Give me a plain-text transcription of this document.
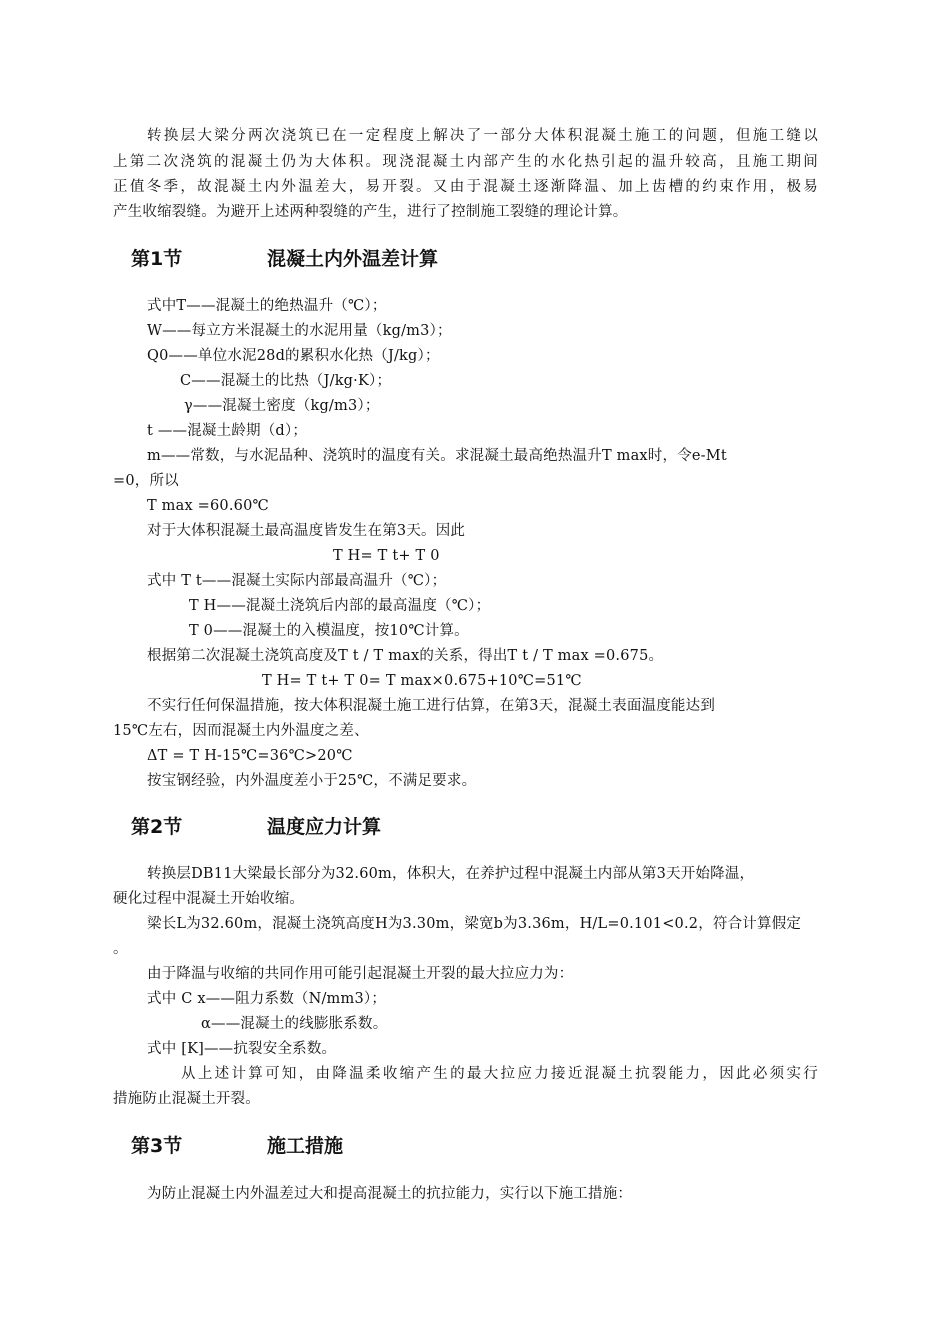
转换层大梁分两次浇筑已在一定程度上解决了一部分大体积混凝土施工的问题，但施工缝以
上第二次浇筑的混凝土仍为大体积。现浇混凝土内部产生的水化热引起的温升较高，且施工期间
正值冬季，故混凝土内外温差大，易开裂。又由于混凝土逐渐降温、加上齿槽的约束作用，极易
产生收缩裂缝。为避开上述两种裂缝的产生，进行了控制施工裂缝的理论计算。
第1节	混凝土内外温差计算
式中T——混凝土的绝热温升（℃）；
W——每立方米混凝土的水泥用量（kg/m3）；
Q0——单位水泥28d的累积水化热（J/kg）；
C——混凝土的比热（J/kg·K）；
γ——混凝土密度（kg/m3）；
t ——混凝土龄期（d）；
m——常数，与水泥品种、浇筑时的温度有关。求混凝土最高绝热温升T max时，令e-Mt
=0，所以
T max =60.60℃
对于大体积混凝土最高温度皆发生在第3天。因此
T H= T t+ T 0
式中 T t——混凝土实际内部最高温升（℃）；
T H——混凝土浇筑后内部的最高温度（℃）；
T 0——混凝土的入模温度，按10℃计算。
根据第二次混凝土浇筑高度及T t / T max的关系，得出T t / T max =0.675。
T H= T t+ T 0= T max×0.675+10℃=51℃
不实行任何保温措施，按大体积混凝土施工进行估算，在第3天，混凝土表面温度能达到
15℃左右，因而混凝土内外温度之差、
ΔT = T H-15℃=36℃>20℃
按宝钢经验，内外温度差小于25℃，不满足要求。
第2节	温度应力计算
转换层DB11大梁最长部分为32.60m，体积大，在养护过程中混凝土内部从第3天开始降温，
硬化过程中混凝土开始收缩。
梁长L为32.60m，混凝土浇筑高度H为3.30m，梁宽b为3.36m，H/L=0.101<0.2，符合计算假定
。
由于降温与收缩的共同作用可能引起混凝土开裂的最大拉应力为：
式中 C x——阻力系数（N/mm3）；
α——混凝土的线膨胀系数。
式中 [K]——抗裂安全系数。
从上述计算可知，由降温柔收缩产生的最大拉应力接近混凝土抗裂能力，因此必须实行
措施防止混凝土开裂。
第3节	施工措施
为防止混凝土内外温差过大和提高混凝土的抗拉能力，实行以下施工措施：
